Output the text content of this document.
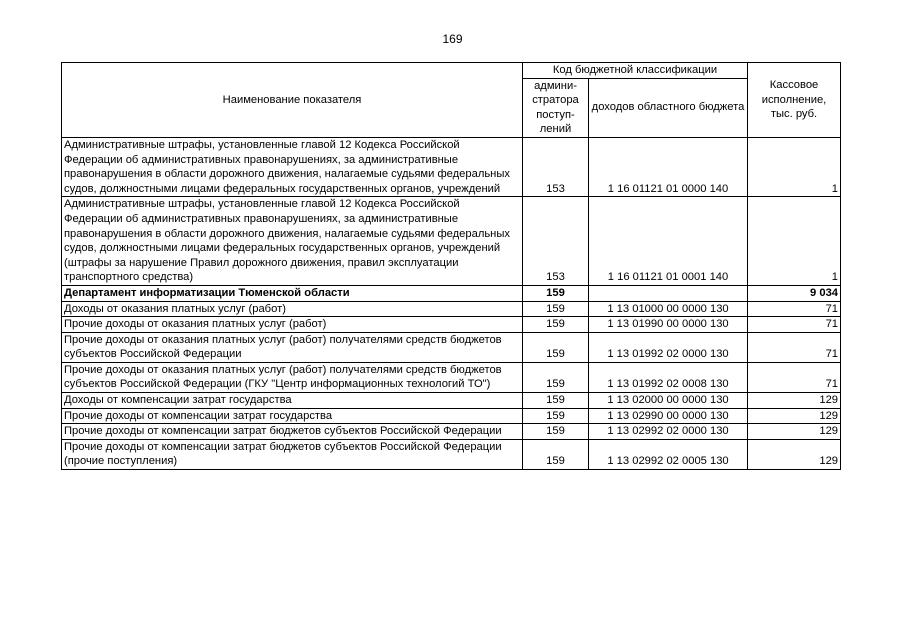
169
Наименование показателя	Код бюджетной классификации		Кассовое исполнение, тыс. руб.
	админи-стратора поступ-лений	доходов областного бюджета	
Административные штрафы, установленные главой 12 Кодекса Российской Федерации об административных правонарушениях, за административные правонарушения в области дорожного движения, налагаемые судьями федеральных судов, должностными лицами федеральных государственных органов, учреждений	153	1 16 01121 01 0000 140	1
Административные штрафы, установленные главой 12 Кодекса Российской Федерации об административных правонарушениях, за административные правонарушения в области дорожного движения, налагаемые судьями федеральных судов, должностными лицами федеральных государственных органов, учреждений (штрафы за нарушение Правил дорожного движения, правил эксплуатации транспортного средства)	153	1 16 01121 01 0001 140	1
Департамент информатизации Тюменской области	159		9 034
Доходы от оказания платных услуг (работ)	159	1 13 01000 00 0000 130	71
Прочие доходы от оказания платных услуг (работ)	159	1 13 01990 00 0000 130	71
Прочие доходы от оказания платных услуг (работ) получателями средств бюджетов субъектов Российской Федерации	159	1 13 01992 02 0000 130	71
Прочие доходы от оказания платных услуг (работ) получателями средств бюджетов субъектов Российской Федерации (ГКУ "Центр информационных технологий ТО")	159	1 13 01992 02 0008 130	71
Доходы от компенсации затрат государства	159	1 13 02000 00 0000 130	129
Прочие доходы от компенсации затрат государства	159	1 13 02990 00 0000 130	129
Прочие доходы от компенсации затрат бюджетов субъектов Российской Федерации	159	1 13 02992 02 0000 130	129
Прочие доходы от компенсации затрат бюджетов субъектов Российской Федерации (прочие поступления)	159	1 13 02992 02 0005 130	129
